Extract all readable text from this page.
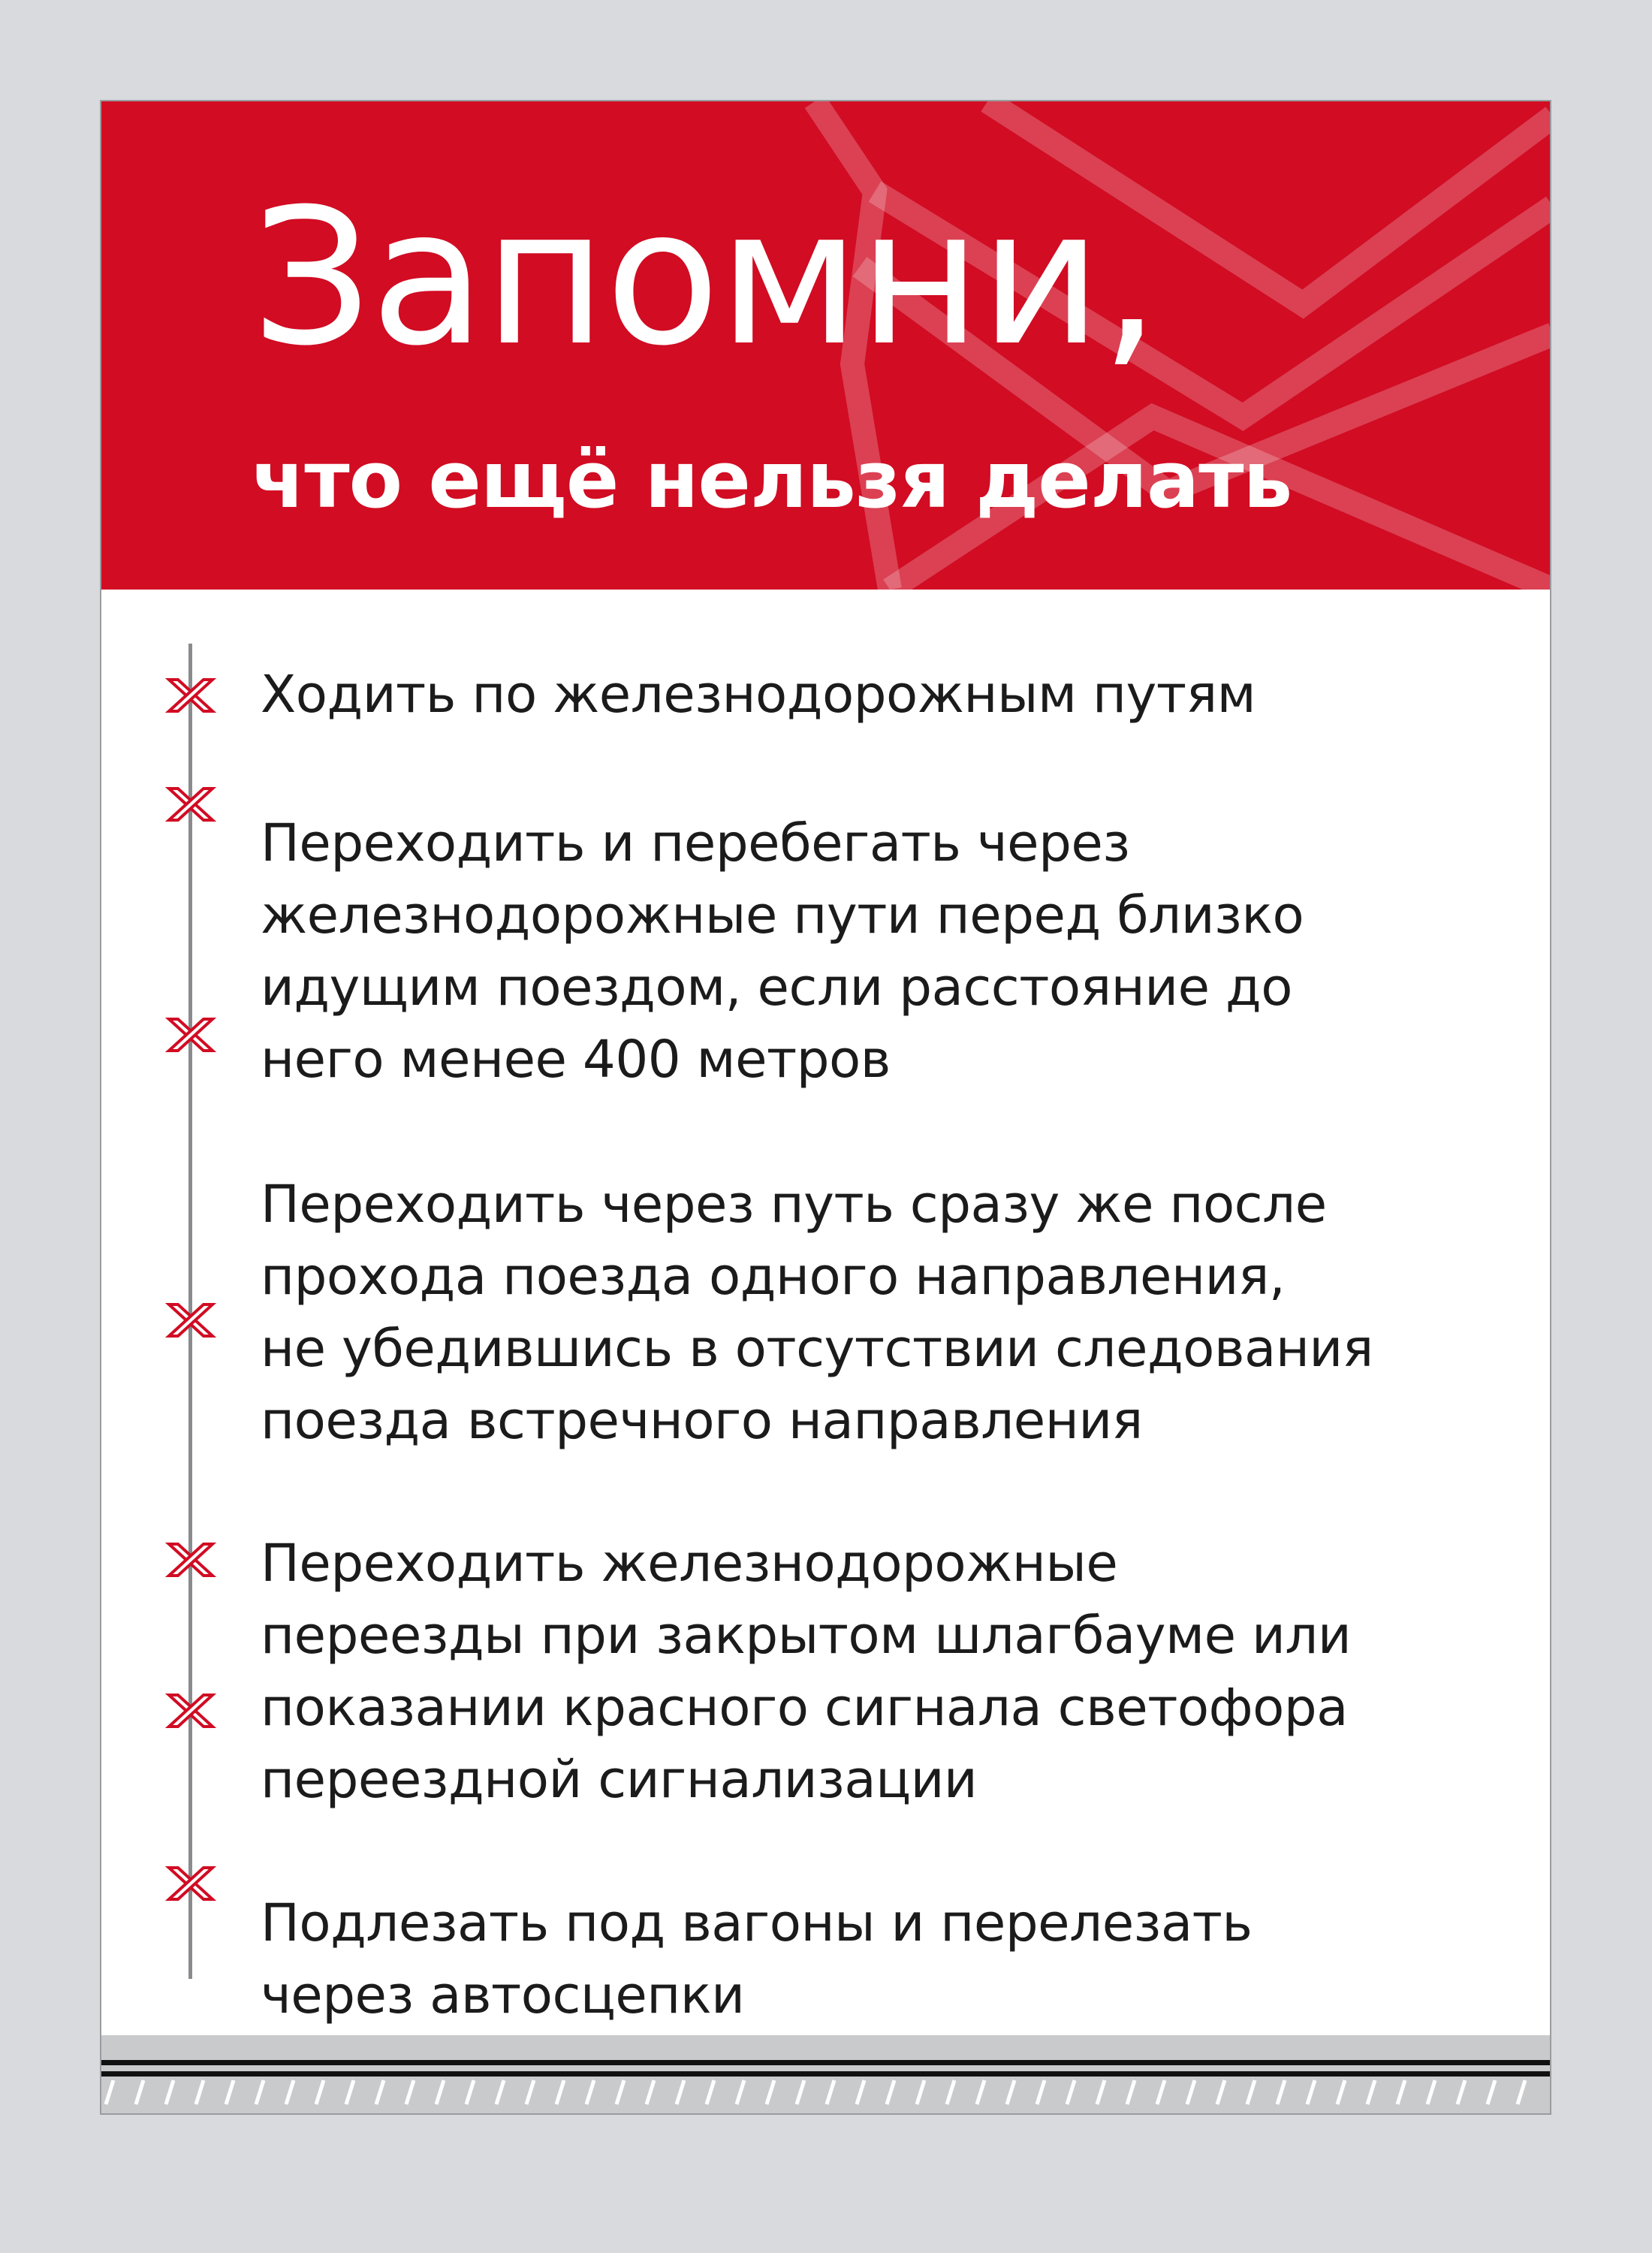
Запомни,
что ещё нельзя делать

Ходить по железнодорожным путям

Переходить и перебегать через
железнодорожные пути перед близко
идущим поездом, если расстояние до
него менее 400 метров

Переходить через путь сразу же после
прохода поезда одного направления,
не убедившись в отсутствии следования
поезда встречного направления

Переходить железнодорожные
переезды при закрытом шлагбауме или
показании красного сигнала светофора
переездной сигнализации

Подлезать под вагоны и перелезать
через автосцепки
